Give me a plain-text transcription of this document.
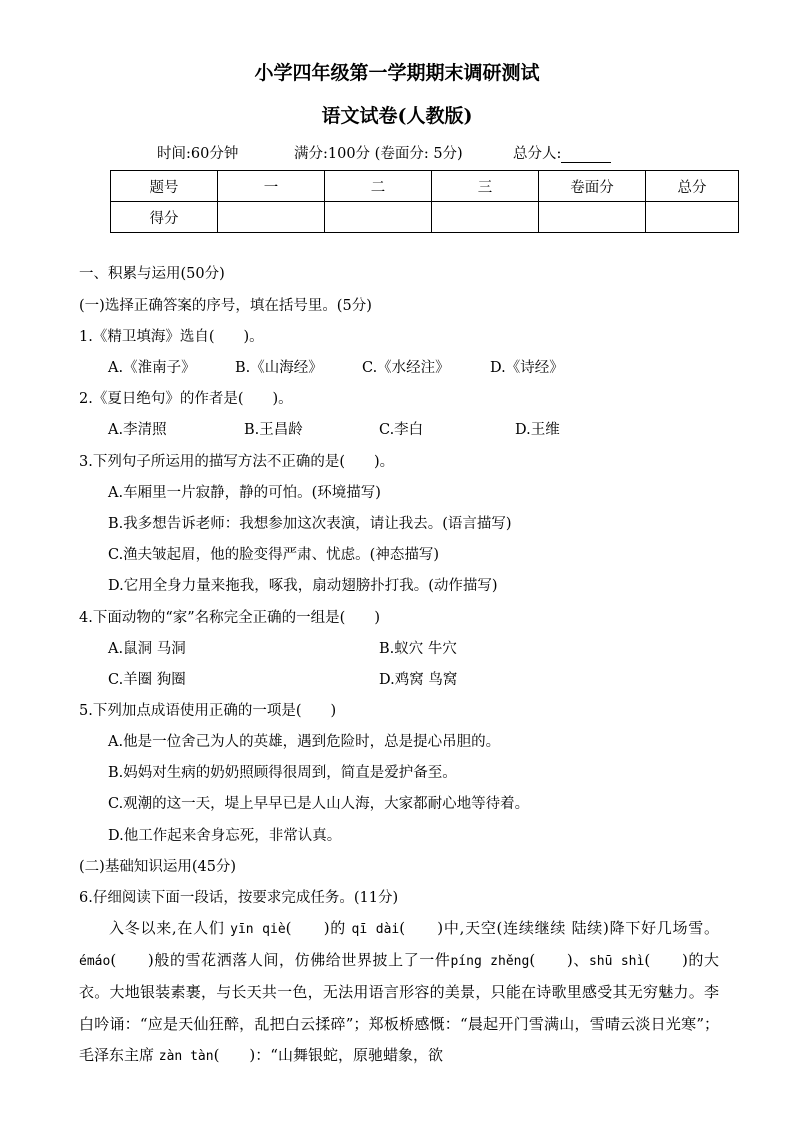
小学四年级第一学期期末调研测试
语文试卷(人教版)
时间:60分钟	满分:100分 (卷面分: 5分)	总分人:
题号	一	二	三	卷面分	总分
得分					
一、积累与运用(50分)
(一)选择正确答案的序号，填在括号里。(5分)
1.《精卫填海》选自(　　)。
A.《淮南子》	B.《山海经》	C.《水经注》	D.《诗经》
2.《夏日绝句》的作者是(　　)。
A.李清照	B.王昌龄	C.李白	D.王维
3.下列句子所运用的描写方法不正确的是(　　)。
A.车厢里一片寂静，静的可怕。(环境描写)
B.我多想告诉老师：我想参加这次表演，请让我去。(语言描写)
C.渔夫皱起眉，他的脸变得严肃、忧虑。(神态描写)
D.它用全身力量来拖我，啄我，扇动翅膀扑打我。(动作描写)
4.下面动物的“家”名称完全正确的一组是(　　)
A.鼠洞 马洞	B.蚁穴 牛穴
C.羊圈 狗圈	D.鸡窝 鸟窝
5.下列加点成语使用正确的一项是(　　)
A.他是一位舍己为人的英雄，遇到危险时，总是提心吊胆的。
B.妈妈对生病的奶奶照顾得很周到，简直是爱护备至。
C.观潮的这一天，堤上早早已是人山人海，大家都耐心地等待着。
D.他工作起来舍身忘死，非常认真。
(二)基础知识运用(45分)
6.仔细阅读下面一段话，按要求完成任务。(11分)
入冬以来,在人们 yīn qiè(　　)的 qī dài(　　)中,天空(连续继续 陆续)降下好几场雪。émáo(　　)般的雪花洒落人间，仿佛给世界披上了一件píng zhěng(　　)、shū shì(　　)的大衣。大地银装素裹，与长天共一色，无法用语言形容的美景，只能在诗歌里感受其无穷魅力。李白吟诵：“应是天仙狂醉，乱把白云揉碎”；郑板桥感慨：“晨起开门雪满山，雪晴云淡日光寒”；毛泽东主席 zàn tàn(　　)：“山舞银蛇，原驰蜡象，欲
